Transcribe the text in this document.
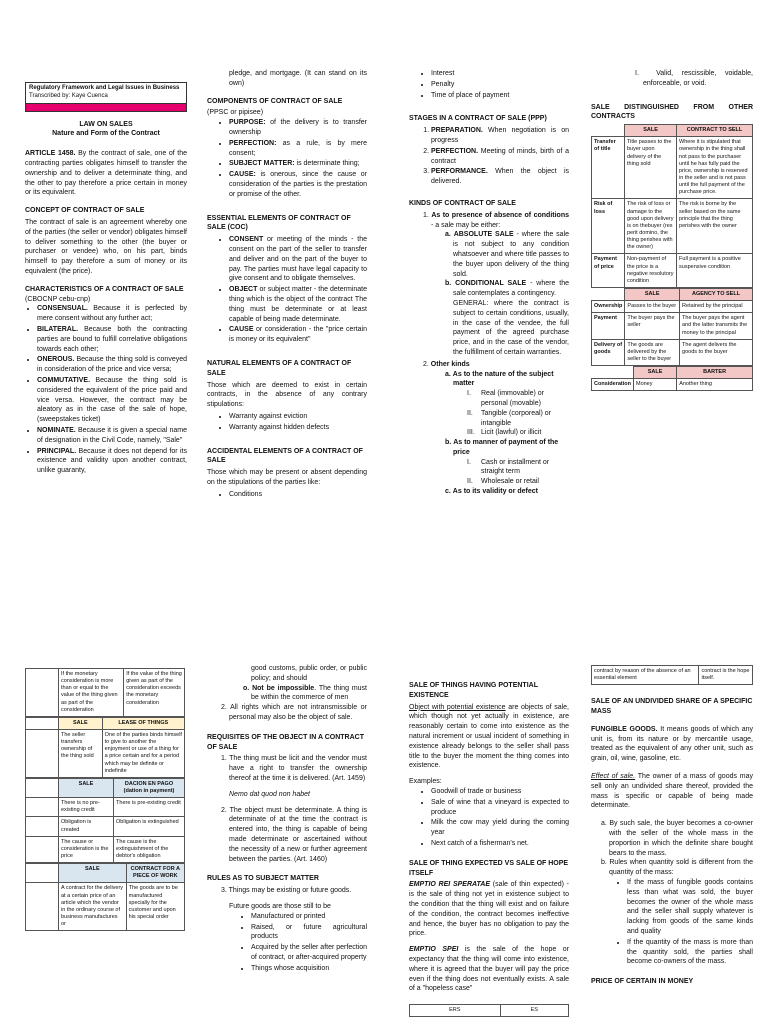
Regulatory Framework and Legal Issues in Business
Transcribed by: Kaye Cuenca
LAW ON SALES
Nature and Form of the Contract

ARTICLE 1458. By the contract of sale, one of the contracting parties obligates himself to transfer the ownership and to deliver a determinate thing, and the other to pay therefore a price certain in money or its equivalent.

CONCEPT OF CONTRACT OF SALE

The contract of sale is an agreement whereby one of the parties (the seller or vendor) obligates himself to deliver something to the other (the buyer or purchaser or vendee) who, on his part, binds himself to pay therefore a sum of money or its equivalent (the price).

CHARACTERISTICS OF A CONTRACT OF SALE
(CBOCNP cebu-cnp)
• CONSENSUAL. Because it is perfected by mere consent without any further act;
• BILATERAL. Because both the contracting parties are bound to fulfill correlative obligations towards each other;
• ONEROUS. Because the thing sold is conveyed in consideration of the price and vice versa;
• COMMUTATIVE. Because the thing sold is considered the equivalent of the price paid and vice versa. However, the contract may be aleatory as in the case of the sale of hope, (sweepstakes ticket)
• NOMINATE. Because it is given a special name of designation in the Civil Code, namely, "Sale"
• PRINCIPAL. Because it does not depend for its existence and validity upon another contract, unlike guaranty,

pledge, and mortgage. (It can stand on its own)

COMPONENTS OF CONTRACT OF SALE
(PPSC or pipisee)
• PURPOSE: of the delivery is to transfer ownership
• PERFECTION: as a rule, is by mere consent;
• SUBJECT MATTER: is determinate thing;
• CAUSE: is onerous, since the cause or consideration of the parties is the prestation or promise of the other.
ESSENTIAL ELEMENTS OF CONTRACT OF SALE (COC)
• CONSENT or meeting of the minds - the consent on the part of the seller to transfer and deliver and on the part of the buyer to pay. The parties must have legal capacity to give consent and to obligate themselves.
• OBJECT or subject matter - the determinate thing which is the object of the contract The thing must be determinate or at least capable of being made determinate.
• CAUSE or consideration - the "price certain is money or its equivalent"
NATURAL ELEMENTS OF A CONTRACT OF SALE

Those which are deemed to exist in certain contracts, in the absence of any contrary stipulations:

• Warranty against eviction
• Warranty against hidden defects
ACCIDENTAL ELEMENTS OF A CONTRACT OF SALE

Those which may be present or absent depending on the stipulations of the parties like:

• Conditions
• Interest
• Penalty
• Time of place of payment
STAGES IN A CONTRACT OF SALE (PPP)
1. PREPARATION. When negotiation is on progress
2. PERFECTION. Meeting of minds, birth of a contract
3. PERFORMANCE. When the object is delivered.
KINDS OF CONTRACT OF SALE
1. As to presence of absence of conditions - a sale may be either:
a. ABSOLUTE SALE - where the sale is not subject to any condition whatsoever and where title passes to the buyer upon delivery of the thing sold.
b. CONDITIONAL SALE - where the sale contemplates a contingency.
GENERAL: where the contract is subject to certain conditions, usually, in the case of the vendee, the full payment of the agreed purchase price, and in the case of the vendor, the fulfillment of certain warranties.
2. Other kinds
a. As to the nature of the subject matter
I. Real (immovable) or personal (movable)
II. Tangible (corporeal) or intangible
III. Licit (lawful) or illicit
b. As to manner of payment of the price
I. Cash or installment or straight term
II. Wholesale or retail
c. As to its validity or defect
I. Valid, rescissible, voidable, enforceable, or void.
SALE DISTINGUISHED FROM OTHER CONTRACTS
	SALE	CONTRACT TO SELL
Transfer of title	Title passes to the buyer upon delivery of the thing sold	Where it is stipulated that ownership in the thing shall not pass to the purchaser until he has fully paid the price, ownership is reserved in the seller and is not pass until the full payment of the purchase price.
Risk of loss	The risk of loss or damage to the good upon delivery is on thebuyer (res perit domino, the thing perishes with the owner)	The risk is borne by the seller based on the same principle that the thing perishes with the owner
Payment of price	Non-payment of the price is a negative resolutory condition	Full payment is a positive suspensive condition
	SALE	AGENCY TO SELL
Ownership	Passes to the buyer	Retained by the principal
Payment	The buyer pays the seller	The buyer pays the agent and the latter transmits the money to the principal
Delivery of goods	The goods are delivered by the seller to the buyer	The agent delivers the goods to the buyer
	SALE	BARTER
Consideration	Money	Another thing
	If the monetary consideration is more than or equal to the value of the thing given as part of the consideration	If the value of the thing given as part of the consideration exceeds the monetary consideration
	SALE	LEASE OF THINGS
	The seller transfers ownership of the thing sold	One of the parties binds himself to give to another the enjoyment or use of a thing for a price certain and for a period which may be definite or indefinite
	SALE	DACION EN PAGO (dation in payment)
	There is no pre-existing credit	There is pre-existing credit
	Obligation is created	Obligation is extinguished
	The cause or consideration is the price	The cause is the extinguishment of the debtor's obligation
	SALE	CONTRACT FOR A PIECE OF WORK
	A contract for the delivery at a certain price of an article which the vendor in the ordinary course of business manufactures or	The goods are to be manufactured specially for the customer and upon his special order
good customs, public order, or public policy; and should
o. Not be impossible. The thing must be within the commerce of men
2. All rights which are not intransmissible or personal may also be the object of sale.
REQUISITES OF THE OBJECT IN A CONTRACT OF SALE
1. The thing must be licit and the vendor must have a right to transfer the ownership thereof at the time it is delivered. (Art. 1459)
Nemo dat quod non habet
2. The object must be determinate. A thing is determinate of at the time the contract is entered into, the thing is capable of being made determinate or ascertained without the necessity of a new or further agreement between the parties. (Art. 1460)
RULES AS TO SUBJECT MATTER
3. Things may be existing or future goods.
Future goods are those still to be
• Manufactured or printed
• Raised, or future agricultural products
• Acquired by the seller after perfection of contract, or after-acquired property
• Things whose acquisition
SALE OF THINGS HAVING POTENTIAL EXISTENCE

Object with potential existence are objects of sale, which though not yet actually in existence, are reasonably certain to come into existence as the natural increment or usual incident of something in existence already belongs to the seller shall pass title to the buyer the moment the thing comes into existence.

Examples:
• Goodwill of trade or business
• Sale of wine that a vineyard is expected to produce
• Milk the cow may yield during the coming year
• Next catch of a fisherman's net.
SALE OF THING EXPECTED VS SALE OF HOPE ITSELF

EMPTIO REI SPERATAE (sale of thin expected) - is the sale of thing not yet in existence subject to the condition that the thing will exist and on failure of the condition, the contract becomes ineffective and hence, the buyer has no obligation to pay the price.

EMPTIO SPEI is the sale of the hope or expectancy that the thing will come into existence, where it is agreed that the buyer will pay the price even if the thing does not eventually exists. A sale of a "hopeless case"

ERS	ES
contract by reason of the absence of an essential element	contract is the hope itself.
SALE OF AN UNDIVIDED SHARE OF A SPECIFIC MASS

FUNGIBLE GOODS. It means goods of which any unit is, from its nature or by mercantile usage, treated as the equivalent of any other unit, such as grain, oil, wine, gasoline, etc.

Effect of sale. The owner of a mass of goods may sell only an undivided share thereof, provided the mass is specific or capable of being made determinate.

a. By such sale, the buyer becomes a co-owner with the seller of the whole mass in the proportion in which the definite share bought bears to the mass.
b. Rules when quantity sold is different from the quantity of the mass:
• If the mass of fungible goods contains less than what was sold, the buyer becomes the owner of the whole mass and the seller shall supply whatever is lacking from goods of the same kinds and quality
• If the quantity of the mass is more than the quantity sold, the parties shall become co-owners of the mass.
PRICE OF CERTAIN IN MONEY
